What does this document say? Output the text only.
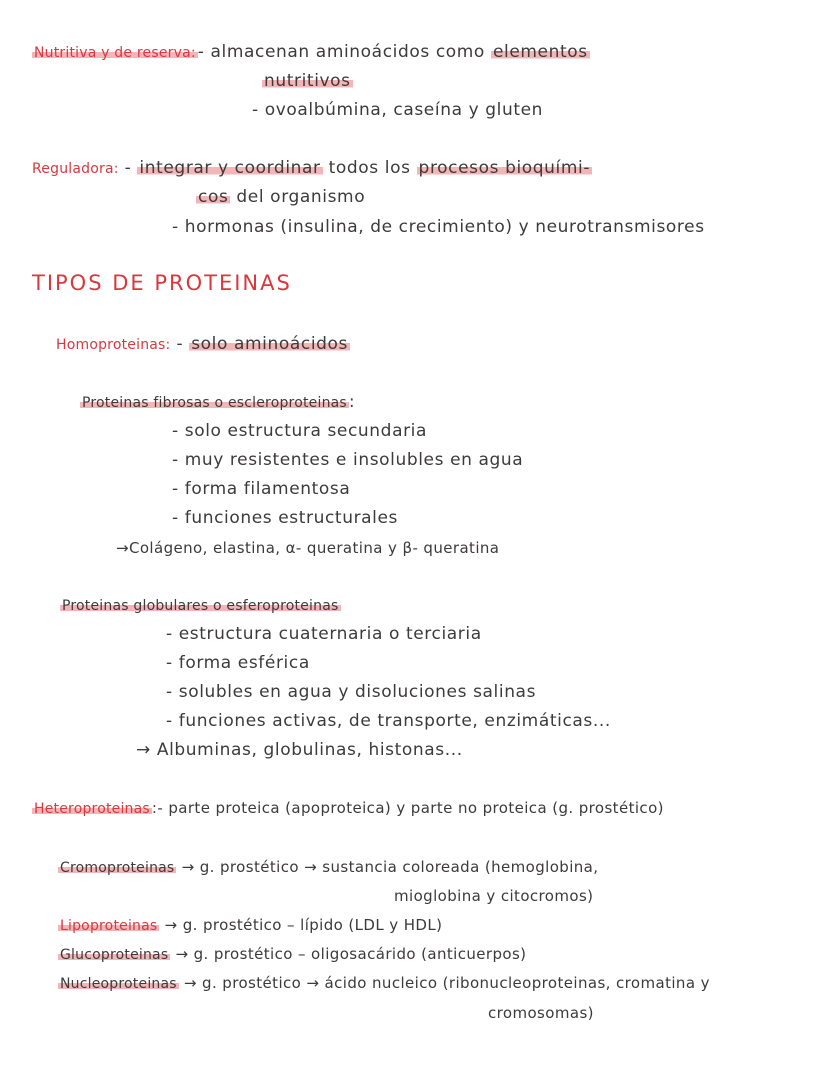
Nutritiva y de reserva: - almacenan aminoácidos como elementos
nutritivos
- ovoalbúmina, caseína y gluten
Reguladora: - integrar y coordinar todos los procesos bioquími-
cos del organismo
- hormonas (insulina, de crecimiento) y neurotransmisores
TIPOS DE PROTEINAS
Homoproteinas: - solo aminoácidos
Proteinas fibrosas o escleroproteinas :
- solo estructura secundaria
- muy resistentes e insolubles en agua
- forma filamentosa
- funciones estructurales
→Colágeno, elastina, α- queratina y β- queratina
Proteinas globulares o esferoproteinas
- estructura cuaternaria o terciaria
- forma esférica
- solubles en agua y disoluciones salinas
- funciones activas, de transporte, enzimáticas...
→ Albuminas, globulinas, histonas...
Heteroproteinas :- parte proteica (apoproteica) y parte no proteica (g. prostético)
Cromoproteinas → g. prostético → sustancia coloreada (hemoglobina,
mioglobina y citocromos)
Lipoproteinas → g. prostético – lípido (LDL y HDL)
Glucoproteinas → g. prostético – oligosacárido (anticuerpos)
Nucleoproteinas → g. prostético → ácido nucleico (ribonucleoproteinas, cromatina y
cromosomas)
